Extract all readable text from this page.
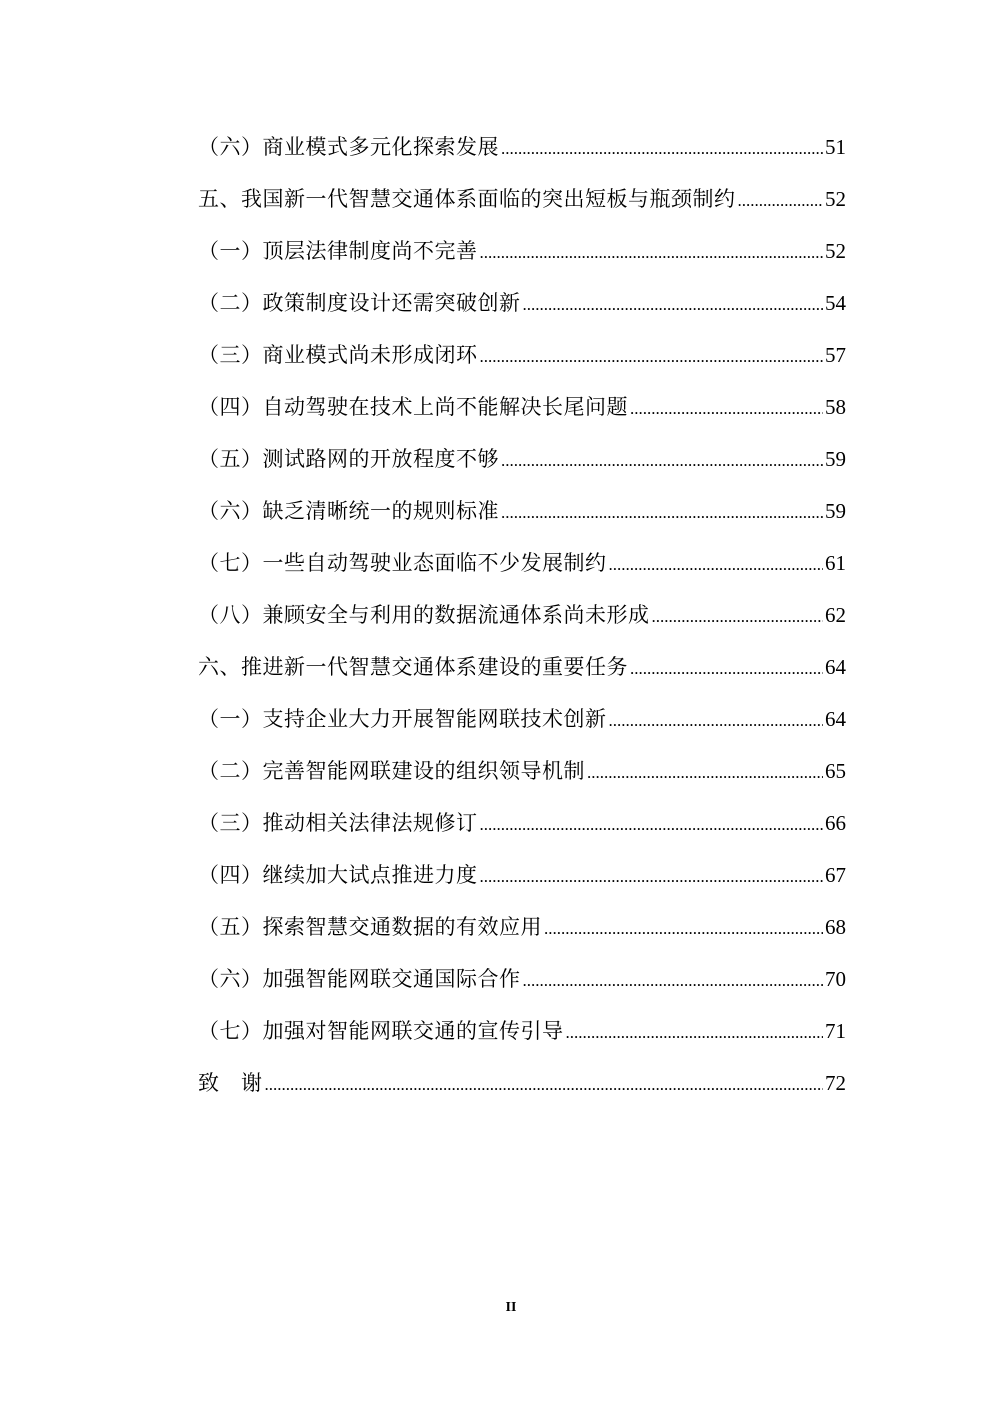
（六）商业模式多元化探索发展 .....	51
五、我国新一代智慧交通体系面临的突出短板与瓶颈制约 .....	52
（一）顶层法律制度尚不完善 .....	52
（二）政策制度设计还需突破创新 .....	54
（三）商业模式尚未形成闭环 .....	57
（四）自动驾驶在技术上尚不能解决长尾问题 .....	58
（五）测试路网的开放程度不够 .....	59
（六）缺乏清晰统一的规则标准 .....	59
（七）一些自动驾驶业态面临不少发展制约 .....	61
（八）兼顾安全与利用的数据流通体系尚未形成 .....	62
六、推进新一代智慧交通体系建设的重要任务 .....	64
（一）支持企业大力开展智能网联技术创新 .....	64
（二）完善智能网联建设的组织领导机制 .....	65
（三）推动相关法律法规修订 .....	66
（四）继续加大试点推进力度 .....	67
（五）探索智慧交通数据的有效应用 .....	68
（六）加强智能网联交通国际合作 .....	70
（七）加强对智能网联交通的宣传引导 .....	71
致　谢 .....	72
II
